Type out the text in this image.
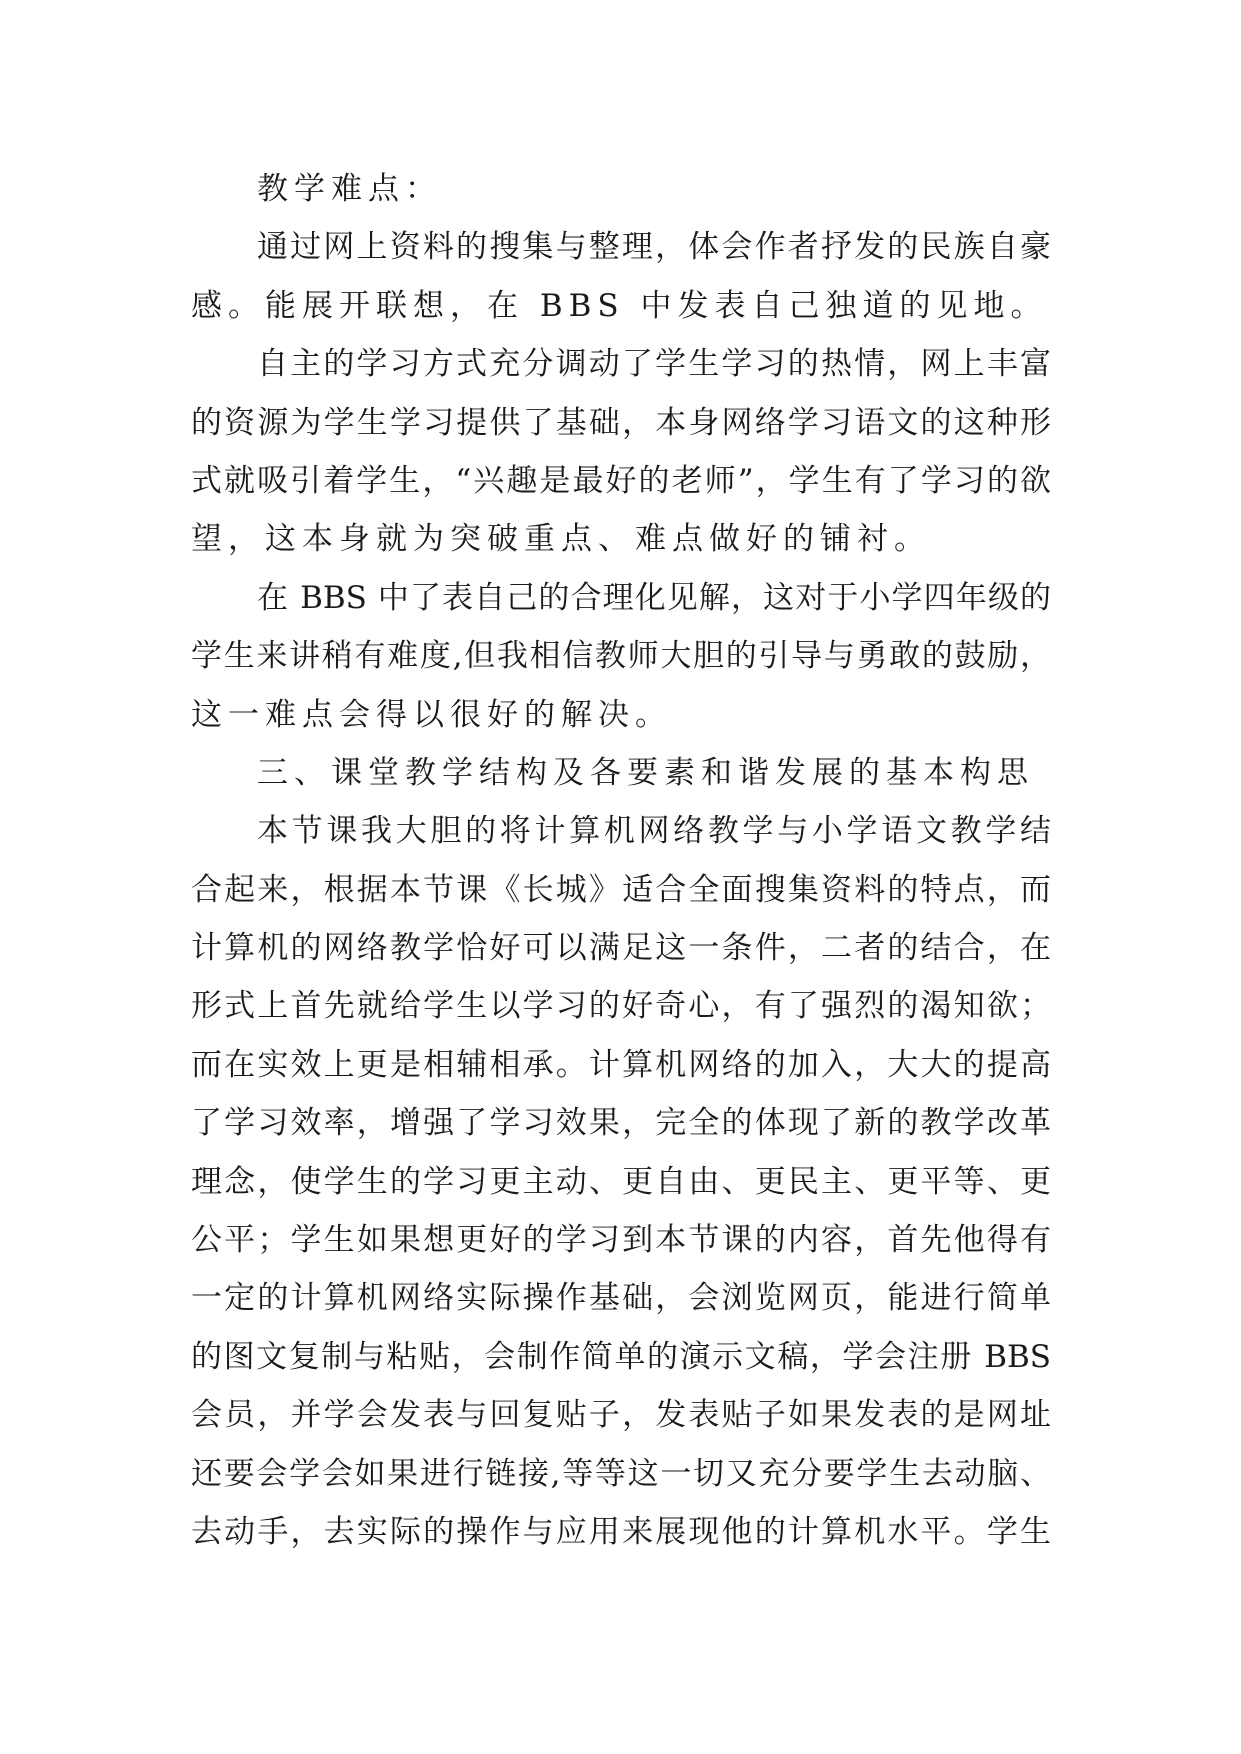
教学难点：
通过网上资料的搜集与整理，体会作者抒发的民族自豪
感。能展开联想，在 BBS 中发表自己独道的见地。
自主的学习方式充分调动了学生学习的热情，网上丰富
的资源为学生学习提供了基础，本身网络学习语文的这种形
式就吸引着学生，“兴趣是最好的老师”，学生有了学习的欲
望，这本身就为突破重点、难点做好的铺衬。
在 BBS 中了表自己的合理化见解，这对于小学四年级的
学生来讲稍有难度,但我相信教师大胆的引导与勇敢的鼓励，
这一难点会得以很好的解决。
三、课堂教学结构及各要素和谐发展的基本构思
本节课我大胆的将计算机网络教学与小学语文教学结
合起来，根据本节课《长城》适合全面搜集资料的特点，而
计算机的网络教学恰好可以满足这一条件，二者的结合，在
形式上首先就给学生以学习的好奇心，有了强烈的渴知欲；
而在实效上更是相辅相承。计算机网络的加入，大大的提高
了学习效率，增强了学习效果，完全的体现了新的教学改革
理念，使学生的学习更主动、更自由、更民主、更平等、更
公平；学生如果想更好的学习到本节课的内容，首先他得有
一定的计算机网络实际操作基础，会浏览网页，能进行简单
的图文复制与粘贴，会制作简单的演示文稿，学会注册 BBS
会员，并学会发表与回复贴子，发表贴子如果发表的是网址
还要会学会如果进行链接,等等这一切又充分要学生去动脑、
去动手，去实际的操作与应用来展现他的计算机水平。学生
